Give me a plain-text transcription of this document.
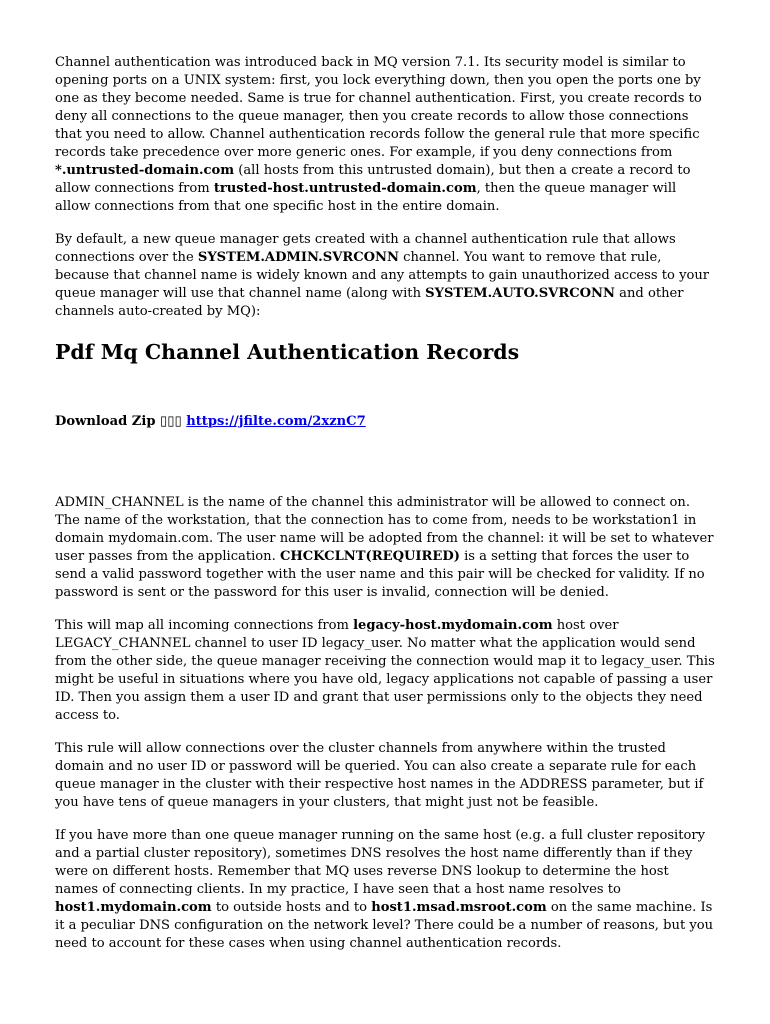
Channel authentication was introduced back in MQ version 7.1. Its security model is similar to opening ports on a UNIX system: first, you lock everything down, then you open the ports one by one as they become needed. Same is true for channel authentication. First, you create records to deny all connections to the queue manager, then you create records to allow those connections that you need to allow. Channel authentication records follow the general rule that more specific records take precedence over more generic ones. For example, if you deny connections from *.untrusted-domain.com (all hosts from this untrusted domain), but then a create a record to allow connections from trusted-host.untrusted-domain.com, then the queue manager will allow connections from that one specific host in the entire domain.

By default, a new queue manager gets created with a channel authentication rule that allows connections over the SYSTEM.ADMIN.SVRCONN channel. You want to remove that rule, because that channel name is widely known and any attempts to gain unauthorized access to your queue manager will use that channel name (along with SYSTEM.AUTO.SVRCONN and other channels auto-created by MQ):

Pdf Mq Channel Authentication Records
Download Zip ▯▯▯ https://jfilte.com/2xznC7

ADMIN_CHANNEL is the name of the channel this administrator will be allowed to connect on. The name of the workstation, that the connection has to come from, needs to be workstation1 in domain mydomain.com. The user name will be adopted from the channel: it will be set to whatever user passes from the application. CHCKCLNT(REQUIRED) is a setting that forces the user to send a valid password together with the user name and this pair will be checked for validity. If no password is sent or the password for this user is invalid, connection will be denied.

This will map all incoming connections from legacy-host.mydomain.com host over LEGACY_CHANNEL channel to user ID legacy_user. No matter what the application would send from the other side, the queue manager receiving the connection would map it to legacy_user. This might be useful in situations where you have old, legacy applications not capable of passing a user ID. Then you assign them a user ID and grant that user permissions only to the objects they need access to.

This rule will allow connections over the cluster channels from anywhere within the trusted domain and no user ID or password will be queried. You can also create a separate rule for each queue manager in the cluster with their respective host names in the ADDRESS parameter, but if you have tens of queue managers in your clusters, that might just not be feasible.

If you have more than one queue manager running on the same host (e.g. a full cluster repository and a partial cluster repository), sometimes DNS resolves the host name differently than if they were on different hosts. Remember that MQ uses reverse DNS lookup to determine the host names of connecting clients. In my practice, I have seen that a host name resolves to host1.mydomain.com to outside hosts and to host1.msad.msroot.com on the same machine. Is it a peculiar DNS configuration on the network level? There could be a number of reasons, but you need to account for these cases when using channel authentication records.
